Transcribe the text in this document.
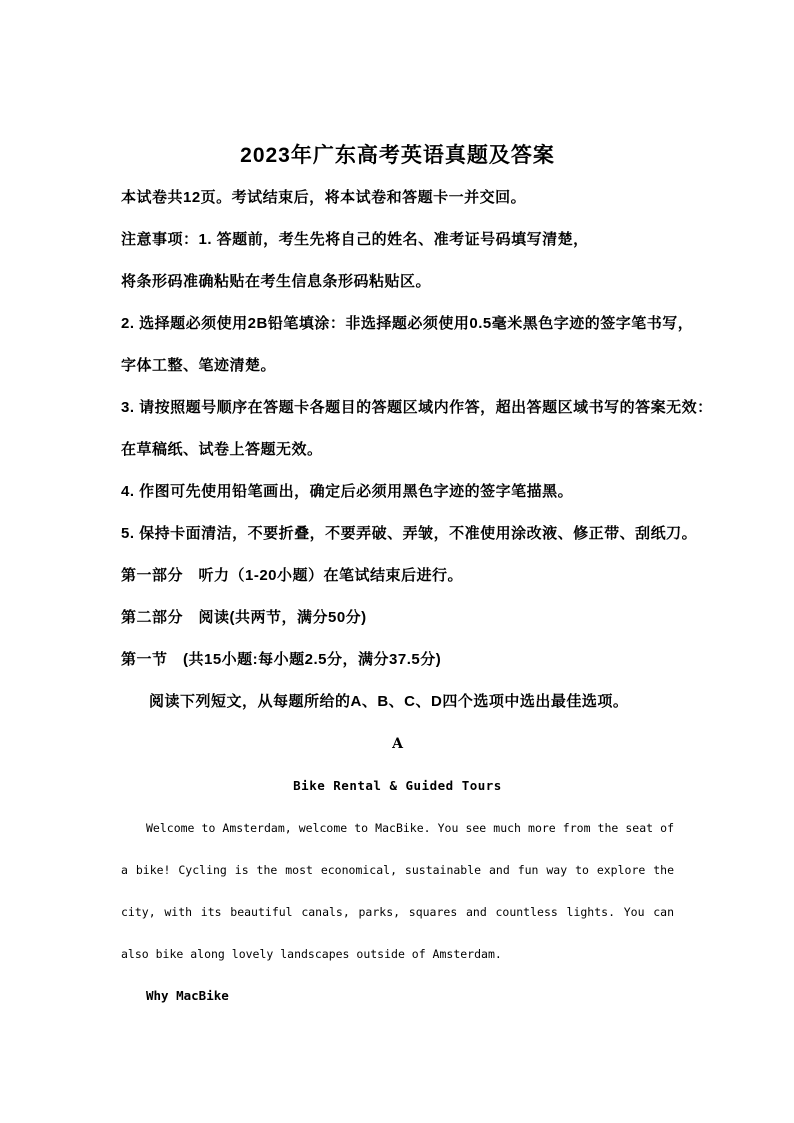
2023年广东高考英语真题及答案
本试卷共12页。考试结束后，将本试卷和答题卡一并交回。
注意事项：1. 答题前，考生先将自己的姓名、准考证号码填写清楚，
将条形码准确粘贴在考生信息条形码粘贴区。
2. 选择题必须使用2B铅笔填涂：非选择题必须使用0.5毫米黑色字迹的签字笔书写，
字体工整、笔迹清楚。
3. 请按照题号顺序在答题卡各题目的答题区域内作答，超出答题区域书写的答案无效：
在草稿纸、试卷上答题无效。
4. 作图可先使用铅笔画出，确定后必须用黑色字迹的签字笔描黑。
5. 保持卡面清洁，不要折叠，不要弄破、弄皱，不准使用涂改液、修正带、刮纸刀。
第一部分　听力（1-20小题）在笔试结束后进行。
第二部分　阅读(共两节，满分50分)
第一节　(共15小题:每小题2.5分，满分37.5分)
阅读下列短文，从每题所给的A、B、C、D四个选项中选出最佳选项。
A
Bike Rental & Guided Tours

Welcome to Amsterdam, welcome to MacBike. You see much more from the seat of a bike! Cycling is the most economical, sustainable and fun way to explore the city, with its beautiful canals, parks, squares and countless lights. You can also bike along lovely landscapes outside of Amsterdam.

Why MacBike
